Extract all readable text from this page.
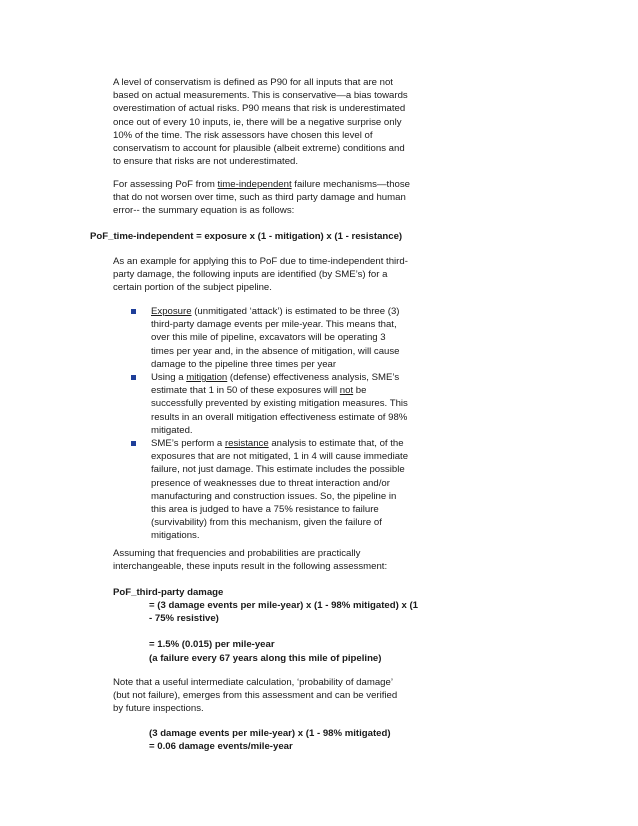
A level of conservatism is defined as P90 for all inputs that are not

based on actual measurements. This is conservative—a bias towards

overestimation of actual risks. P90 means that risk is underestimated

once out of every 10 inputs, ie, there will be a negative surprise only

10% of the time. The risk assessors have chosen this level of

conservatism to account for plausible (albeit extreme) conditions and

to ensure that risks are not underestimated.

For assessing PoF from time-independent failure mechanisms—those

that do not worsen over time, such as third party damage and human

error-- the summary equation is as follows:

PoF_time-independent = exposure x (1 - mitigation) x (1 - resistance)

As an example for applying this to PoF due to time-independent third-

party damage, the following inputs are identified (by SME’s) for a

certain portion of the subject pipeline.

Exposure (unmitigated ‘attack’) is estimated to be three (3)

third-party damage events per mile-year. This means that,

over this mile of pipeline, excavators will be operating 3

times per year and, in the absence of mitigation, will cause

damage to the pipeline three times per year

Using a mitigation (defense) effectiveness analysis, SME’s

estimate that 1 in 50 of these exposures will not be

successfully prevented by existing mitigation measures. This

results in an overall mitigation effectiveness estimate of 98%

mitigated.

SME’s perform a resistance analysis to estimate that, of the

exposures that are not mitigated, 1 in 4 will cause immediate

failure, not just damage. This estimate includes the possible

presence of weaknesses due to threat interaction and/or

manufacturing and construction issues. So, the pipeline in

this area is judged to have a 75% resistance to failure

(survivability) from this mechanism, given the failure of

mitigations.

Assuming that frequencies and probabilities are practically

interchangeable, these inputs result in the following assessment:

PoF_third-party damage

= (3 damage events per mile-year) x (1 - 98% mitigated) x (1

- 75% resistive)

= 1.5% (0.015) per mile-year

(a failure every 67 years along this mile of pipeline)

Note that a useful intermediate calculation, ‘probability of damage’

(but not failure), emerges from this assessment and can be verified

by future inspections.

(3 damage events per mile-year) x (1 - 98% mitigated)

= 0.06 damage events/mile-year
